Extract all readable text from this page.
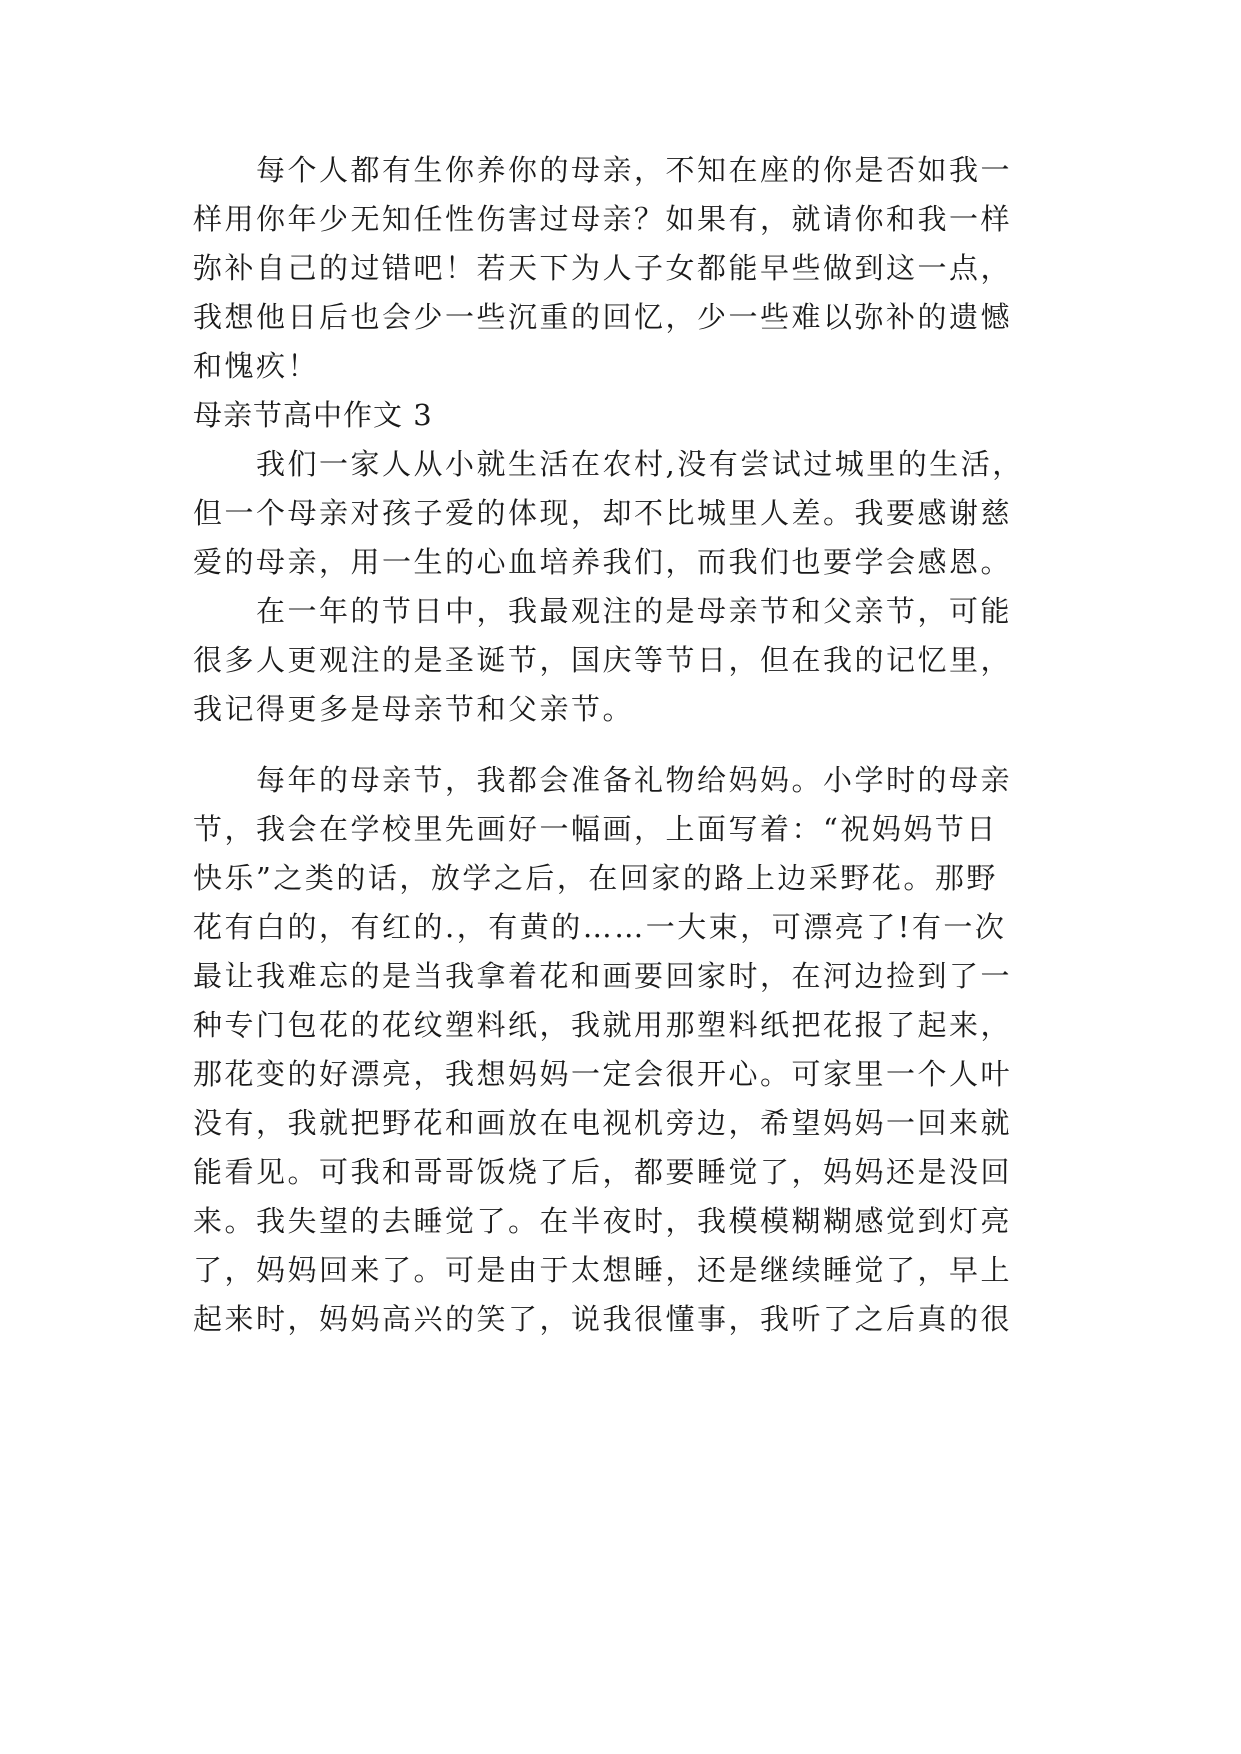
每个人都有生你养你的母亲，不知在座的你是否如我一
样用你年少无知任性伤害过母亲？如果有，就请你和我一样
弥补自己的过错吧！若天下为人子女都能早些做到这一点，
我想他日后也会少一些沉重的回忆，少一些难以弥补的遗憾
和愧疚！
母亲节高中作文 3
我们一家人从小就生活在农村,没有尝试过城里的生活，
但一个母亲对孩子爱的体现，却不比城里人差。我要感谢慈
爱的母亲，用一生的心血培养我们，而我们也要学会感恩。
在一年的节日中，我最观注的是母亲节和父亲节，可能
很多人更观注的是圣诞节，国庆等节日，但在我的记忆里，
我记得更多是母亲节和父亲节。
每年的母亲节，我都会准备礼物给妈妈。小学时的母亲
节，我会在学校里先画好一幅画，上面写着：“祝妈妈节日
快乐”之类的话，放学之后，在回家的路上边采野花。那野
花有白的，有红的.，有黄的……一大束，可漂亮了!有一次
最让我难忘的是当我拿着花和画要回家时，在河边捡到了一
种专门包花的花纹塑料纸，我就用那塑料纸把花报了起来，
那花变的好漂亮，我想妈妈一定会很开心。可家里一个人叶
没有，我就把野花和画放在电视机旁边，希望妈妈一回来就
能看见。可我和哥哥饭烧了后，都要睡觉了，妈妈还是没回
来。我失望的去睡觉了。在半夜时，我模模糊糊感觉到灯亮
了，妈妈回来了。可是由于太想睡，还是继续睡觉了，早上
起来时，妈妈高兴的笑了，说我很懂事，我听了之后真的很
